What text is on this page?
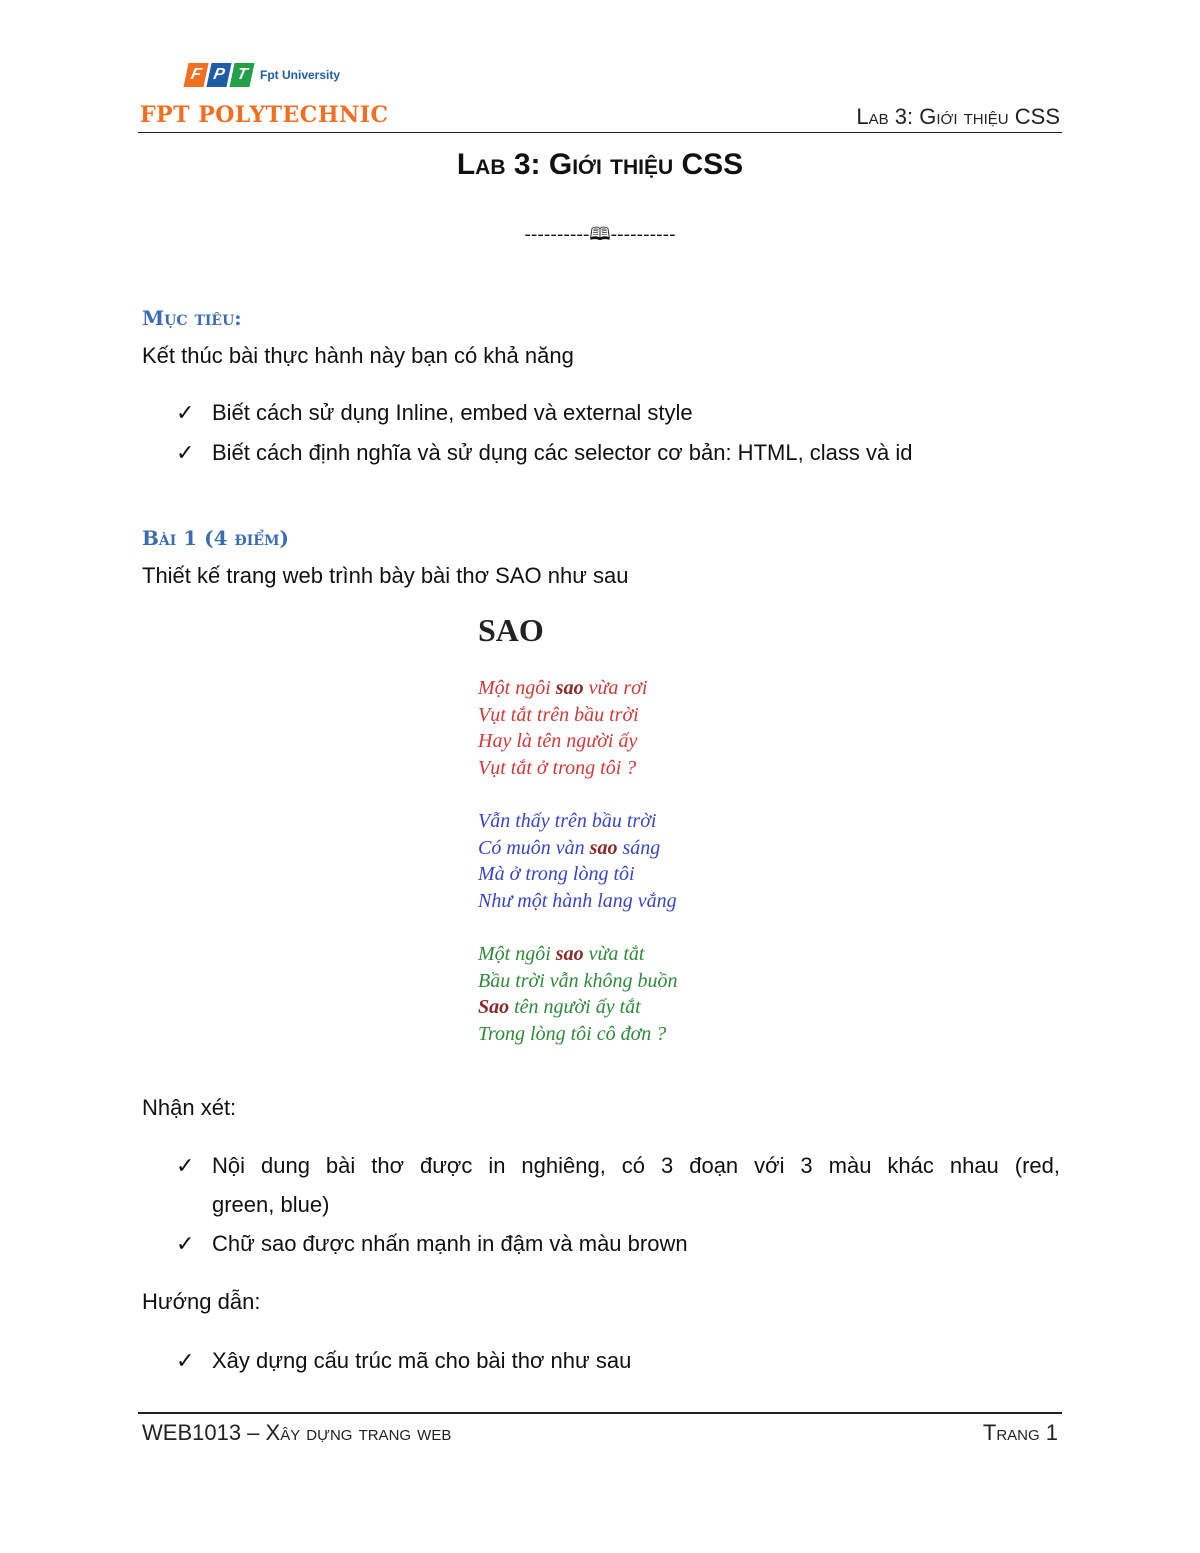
F P T Fpt University
FPT POLYTECHNIC	Lab 3: Giới thiệu CSS
Lab 3: Giới thiệu CSS
----------🕮----------
Mục tiêu:
Kết thúc bài thực hành này bạn có khả năng
✓ Biết cách sử dụng Inline, embed và external style
✓ Biết cách định nghĩa và sử dụng các selector cơ bản: HTML, class và id
Bài 1 (4 điểm)
Thiết kế trang web trình bày bài thơ SAO như sau
SAO
Một ngôi sao vừa rơi
Vụt tắt trên bầu trời
Hay là tên người ấy
Vụt tắt ở trong tôi ?
Vẫn thấy trên bầu trời
Có muôn vàn sao sáng
Mà ở trong lòng tôi
Như một hành lang vắng
Một ngôi sao vừa tắt
Bầu trời vẫn không buồn
Sao tên người ấy tắt
Trong lòng tôi cô đơn ?
Nhận xét:
✓ Nội dung bài thơ được in nghiêng, có 3 đoạn với 3 màu khác nhau (red,
green, blue)
✓ Chữ sao được nhấn mạnh in đậm và màu brown
Hướng dẫn:
✓ Xây dựng cấu trúc mã cho bài thơ như sau
WEB1013 – Xây dựng trang web	Trang 1
